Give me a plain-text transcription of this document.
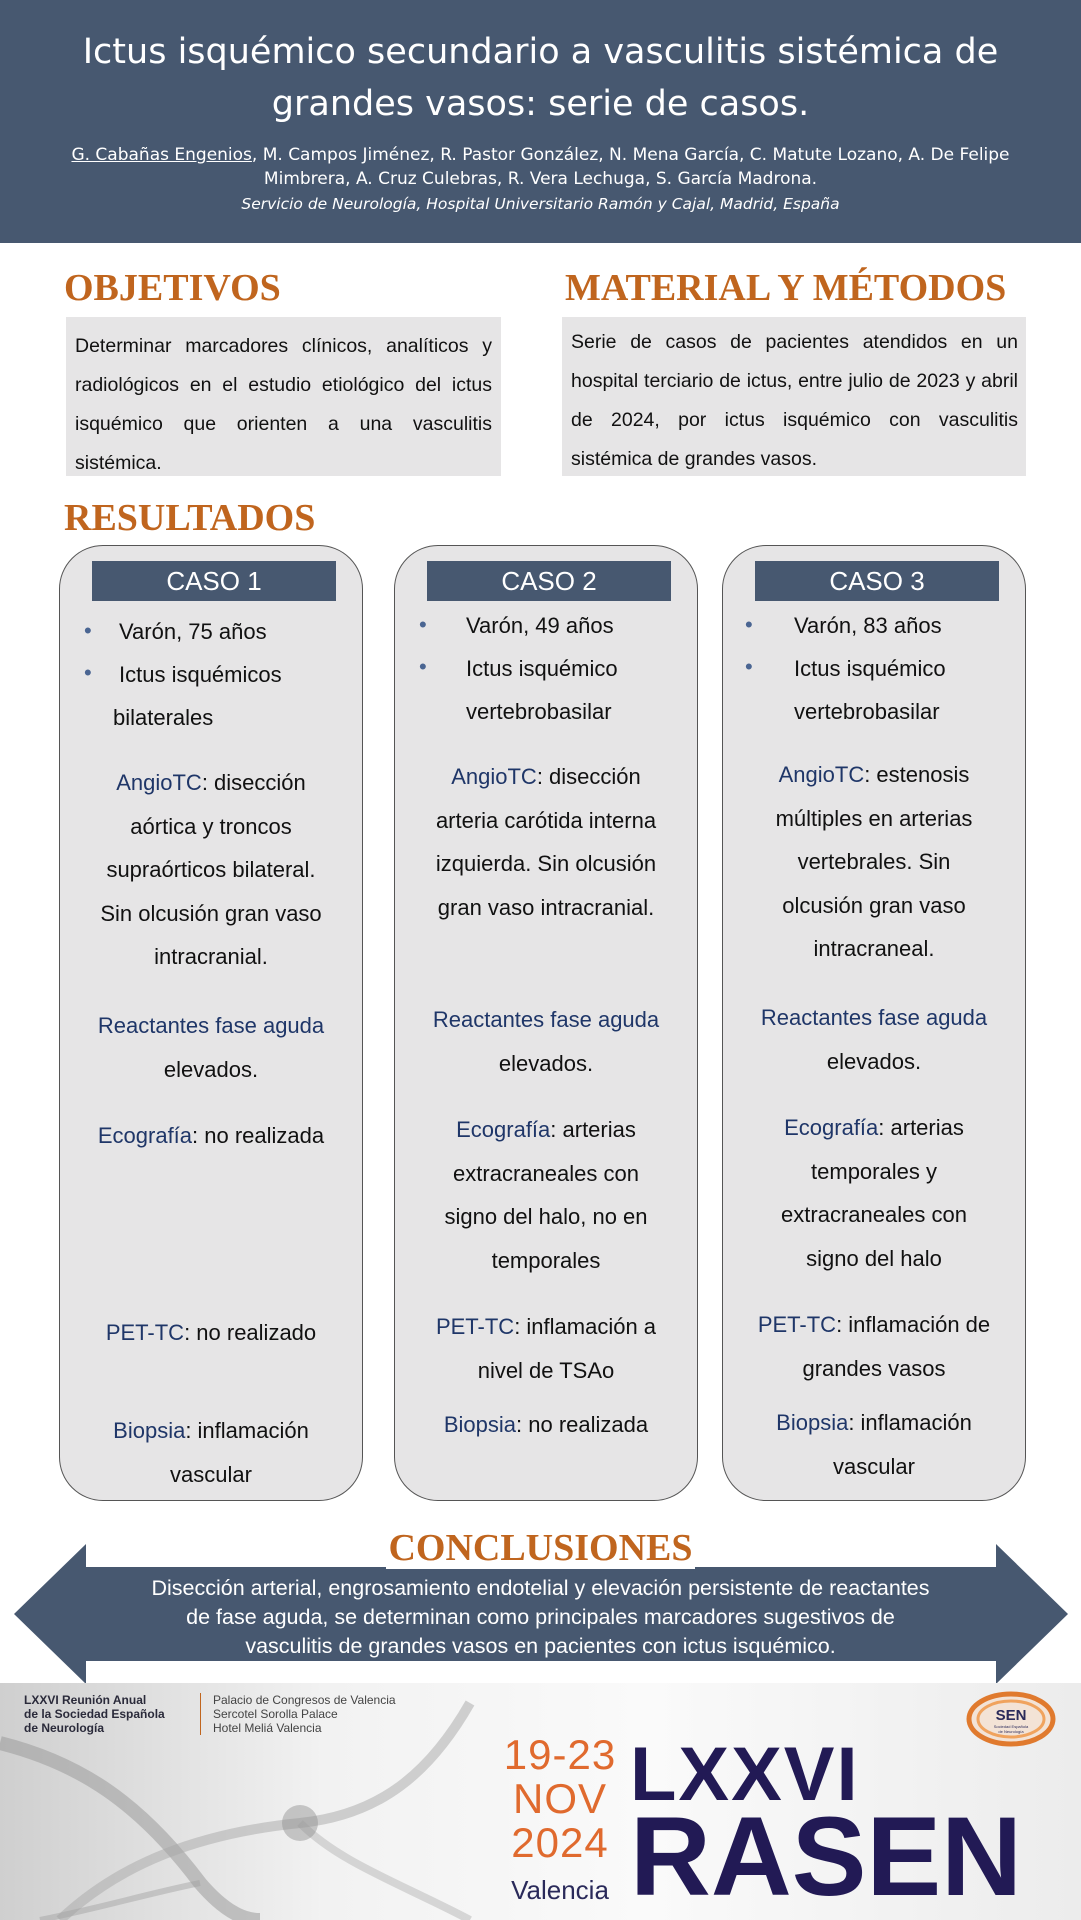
Ictus isquémico secundario a vasculitis sistémica de
grandes vasos: serie de casos.
G. Cabañas Engenios, M. Campos Jiménez, R. Pastor González, N. Mena García, C. Matute Lozano, A. De Felipe
Mimbrera, A. Cruz Culebras, R. Vera Lechuga, S. García Madrona.
Servicio de Neurología, Hospital Universitario Ramón y Cajal, Madrid, España
OBJETIVOS
Determinar marcadores clínicos, analíticos y radiológicos en el estudio etiológico del ictus isquémico que orienten a una vasculitis sistémica.
MATERIAL Y MÉTODOS
Serie de casos de pacientes atendidos en un hospital terciario de ictus, entre julio de 2023 y abril de 2024, por ictus isquémico con vasculitis sistémica de grandes vasos.
RESULTADOS
CASO 1
• Varón, 75 años
• Ictus isquémicos
bilaterales
AngioTC: disección
aórtica y troncos
supraórticos bilateral.
Sin olcusión gran vaso
intracranial.
Reactantes fase aguda
elevados.
Ecografía: no realizada
PET-TC: no realizado
Biopsia: inflamación
vascular
CASO 2
• Varón, 49 años
• Ictus isquémico
vertebrobasilar
AngioTC: disección
arteria carótida interna
izquierda. Sin olcusión
gran vaso intracranial.
Reactantes fase aguda
elevados.
Ecografía: arterias
extracraneales con
signo del halo, no en
temporales
PET-TC: inflamación a
nivel de TSAo
Biopsia: no realizada
CASO 3
• Varón, 83 años
• Ictus isquémico
vertebrobasilar
AngioTC: estenosis
múltiples en arterias
vertebrales. Sin
olcusión gran vaso
intracraneal.
Reactantes fase aguda
elevados.
Ecografía: arterias
temporales y
extracraneales con
signo del halo
PET-TC: inflamación de
grandes vasos
Biopsia: inflamación
vascular
CONCLUSIONES
Disección arterial, engrosamiento endotelial y elevación persistente de reactantes
de fase aguda, se determinan como principales marcadores sugestivos de
vasculitis de grandes vasos en pacientes con ictus isquémico.
LXXVI Reunión Anual
de la Sociedad Española
de Neurología
Palacio de Congresos de Valencia
Sercotel Sorolla Palace
Hotel Meliá Valencia
19-23
NOV
2024
Valencia
LXXVI
RASEN
SEN
Sociedad Española
de Neurología
